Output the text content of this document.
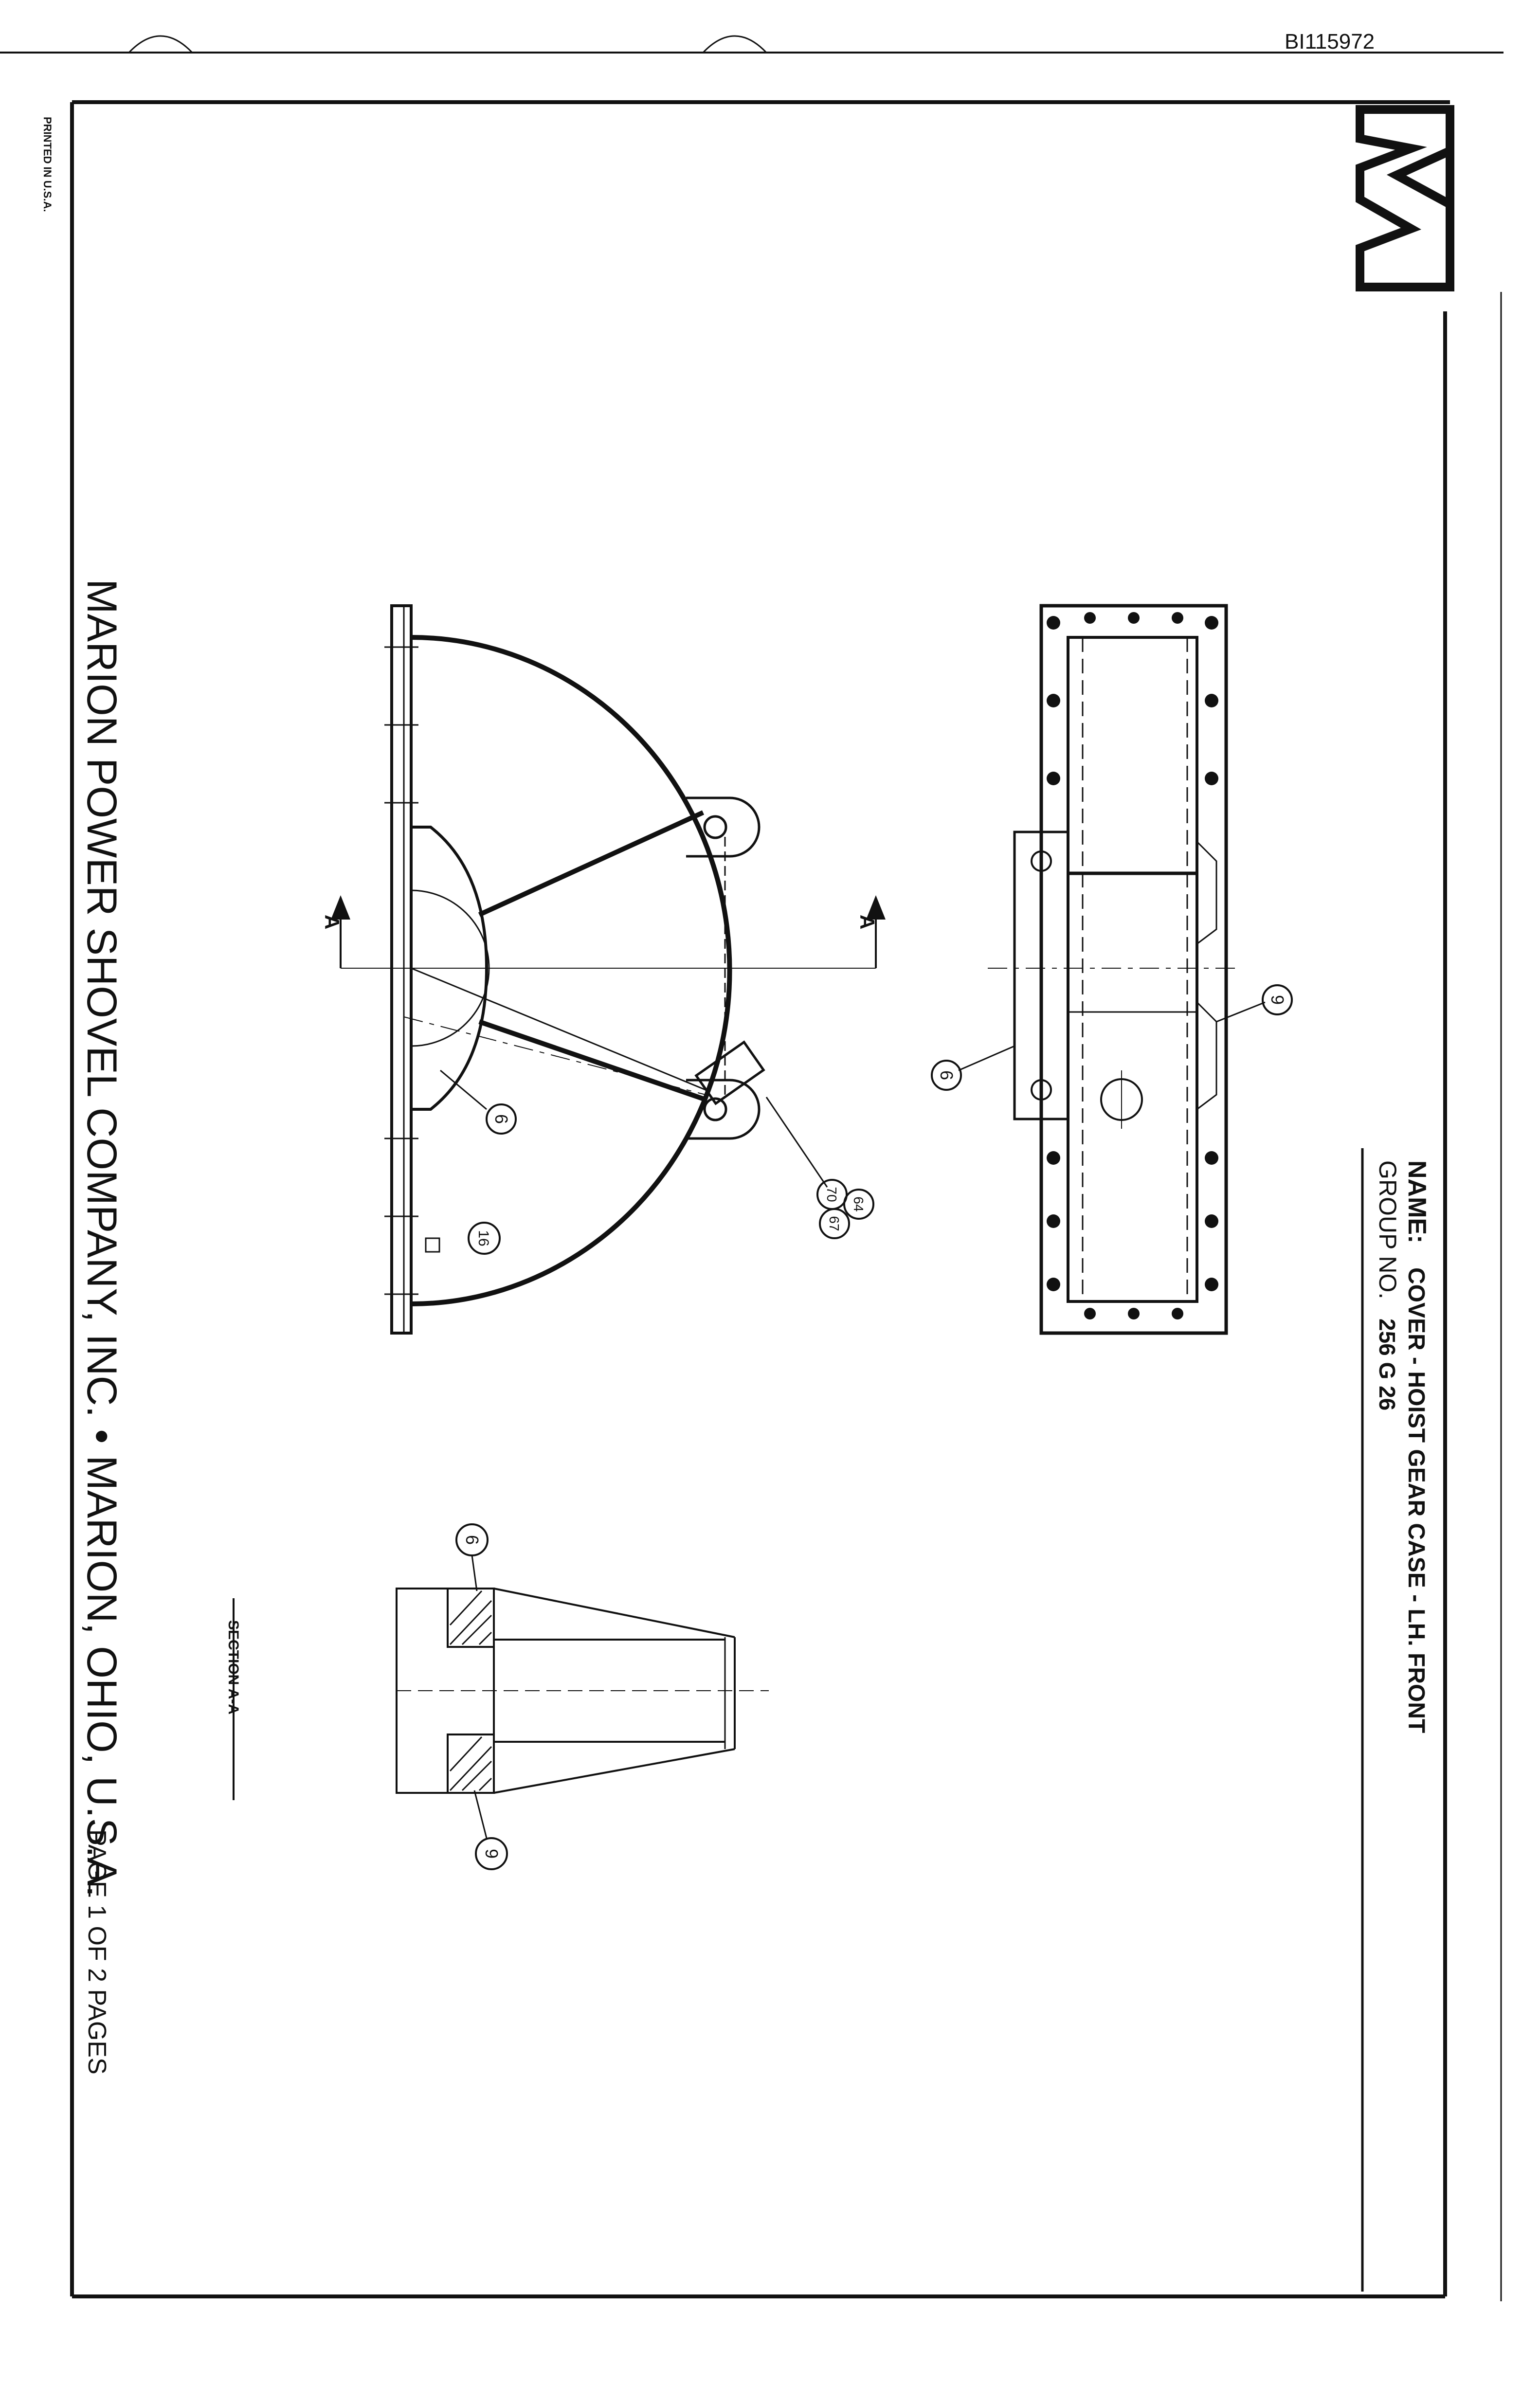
BI115972
PRINTED IN U.S.A.
NAME:
COVER - HOIST GEAR CASE - LH. FRONT
GROUP NO.
256 G 26
MARION POWER SHOVEL COMPANY, INC. • MARION, OHIO, U.S.A.
PAGE 1 OF 2 PAGES
6
9
A	A
6
16
64
70
67
SECTION A-A
6
9
